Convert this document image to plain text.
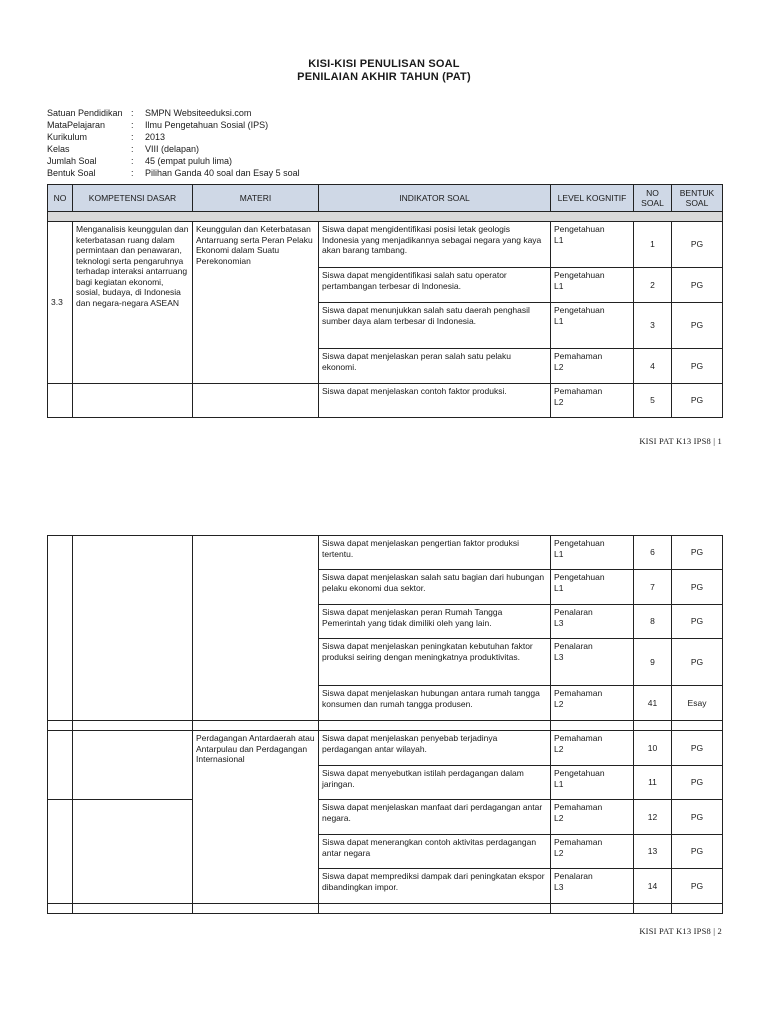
KISI-KISI PENULISAN SOAL
PENILAIAN AKHIR TAHUN (PAT)
Satuan Pendidikan :	SMPN Websiteeduksi.com
MataPelajaran	:	Ilmu Pengetahuan Sosial (IPS)
Kurikulum	:	2013
Kelas	:	VIII (delapan)
Jumlah Soal	:	45 (empat puluh lima)
Bentuk Soal	:	Pilihan Ganda 40 soal dan Esay 5 soal
NO	KOMPETENSI DASAR	MATERI	INDIKATOR SOAL	LEVEL KOGNITIF	NO SOAL	BENTUK SOAL

3.3	Menganalisis keunggulan dan keterbatasan ruang dalam permintaan dan penawaran, teknologi serta pengaruhnya terhadap interaksi antarruang bagi kegiatan ekonomi, sosial, budaya, di Indonesia dan negara-negara ASEAN	Keunggulan dan Keterbatasan Antarruang serta Peran Pelaku Ekonomi dalam Suatu Perekonomian	Siswa dapat mengidentifikasi posisi letak geologis Indonesia yang menjadikannya sebagai negara yang kaya akan barang tambang.	Pengetahuan
L1	1	PG
			Siswa dapat mengidentifikasi salah satu operator pertambangan terbesar di Indonesia.	Pengetahuan
L1	2	PG
			Siswa dapat menunjukkan salah satu daerah penghasil sumber daya alam terbesar di Indonesia.	Pengetahuan
L1	3	PG
			Siswa dapat menjelaskan peran salah satu pelaku ekonomi.	Pemahaman
L2	4	PG
			Siswa dapat menjelaskan contoh faktor produksi.	Pemahaman
L2	5	PG
KISI PAT K13 IPS8 | 1
			Siswa dapat menjelaskan pengertian faktor produksi tertentu.	Pengetahuan
L1	6	PG
			Siswa dapat menjelaskan salah satu bagian dari hubungan pelaku ekonomi dua sektor.	Pengetahuan
L1	7	PG
			Siswa dapat menjelaskan peran Rumah Tangga Pemerintah yang tidak dimiliki oleh yang lain.	Penalaran
L3	8	PG
			Siswa dapat menjelaskan peningkatan kebutuhan faktor produksi seiring dengan meningkatnya produktivitas.	Penalaran
L3	9	PG
			Siswa dapat menjelaskan hubungan antara rumah tangga konsumen dan rumah tangga produsen.	Pemahaman
L2	41	Esay

		Perdagangan Antardaerah atau Antarpulau dan Perdagangan Internasional	Siswa dapat menjelaskan penyebab terjadinya perdagangan antar wilayah.	Pemahaman
L2	10	PG
			Siswa dapat menyebutkan istilah perdagangan dalam jaringan.	Pengetahuan
L1	11	PG
			Siswa dapat menjelaskan manfaat dari perdagangan antar negara.	Pemahaman
L2	12	PG
			Siswa dapat menerangkan contoh aktivitas perdagangan antar negara	Pemahaman
L2	13	PG
			Siswa dapat memprediksi dampak dari peningkatan ekspor dibandingkan impor.	Penalaran
L3	14	PG

KISI PAT K13 IPS8 | 2
